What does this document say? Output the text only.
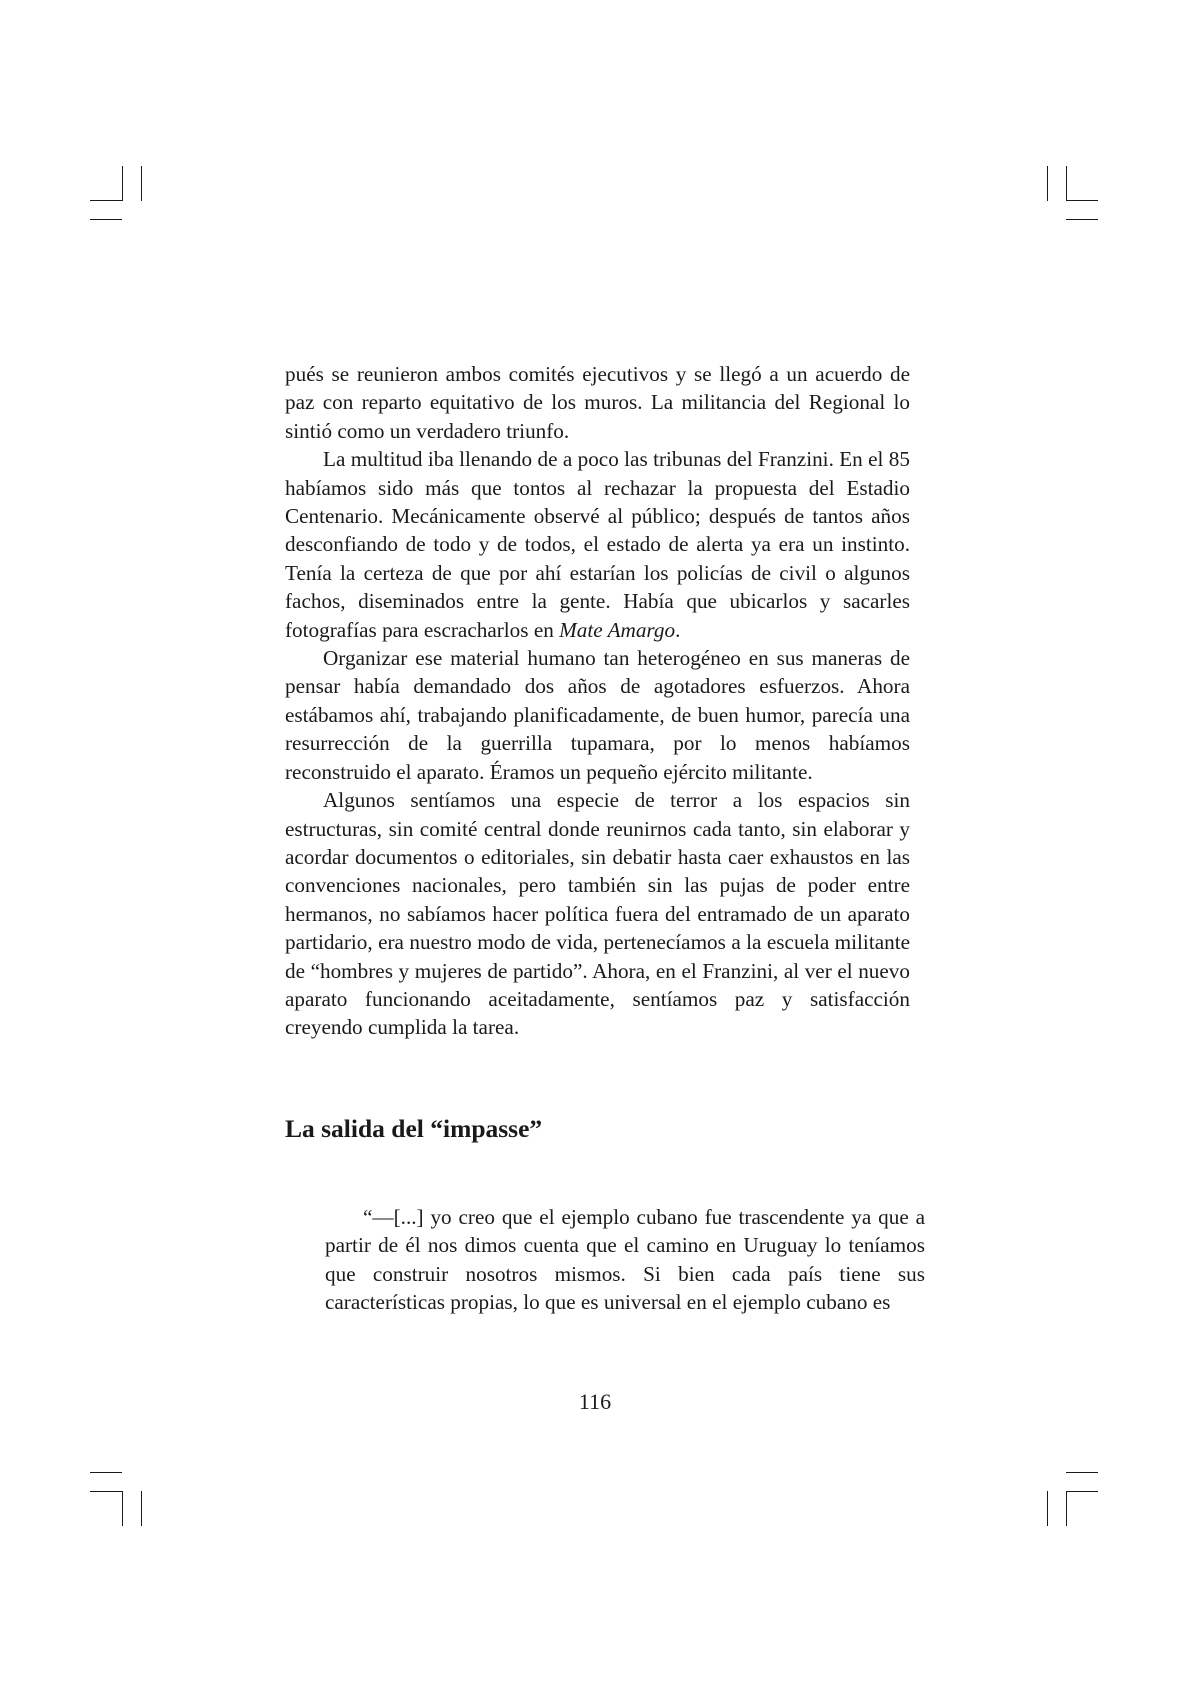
pués se reunieron ambos comités ejecutivos y se llegó a un acuerdo de paz con reparto equitativo de los muros. La militancia del Regional lo sintió como un verdadero triunfo.

La multitud iba llenando de a poco las tribunas del Franzini. En el 85 habíamos sido más que tontos al rechazar la propuesta del Estadio Centenario. Mecánicamente observé al público; después de tantos años desconfiando de todo y de todos, el estado de alerta ya era un instinto. Tenía la certeza de que por ahí estarían los policías de civil o algunos fachos, diseminados entre la gente. Había que ubicarlos y sacarles fotografías para escracharlos en Mate Amargo.

Organizar ese material humano tan heterogéneo en sus maneras de pensar había demandado dos años de agotadores esfuerzos. Ahora estábamos ahí, trabajando planificadamente, de buen humor, parecía una resurrección de la guerrilla tupamara, por lo menos habíamos reconstruido el aparato. Éramos un pequeño ejército militante.

Algunos sentíamos una especie de terror a los espacios sin estructuras, sin comité central donde reunirnos cada tanto, sin elaborar y acordar documentos o editoriales, sin debatir hasta caer exhaustos en las convenciones nacionales, pero también sin las pujas de poder entre hermanos, no sabíamos hacer política fuera del entramado de un aparato partidario, era nuestro modo de vida, pertenecíamos a la escuela militante de “hombres y mujeres de partido”. Ahora, en el Franzini, al ver el nuevo aparato funcionando aceitadamente, sentíamos paz y satisfacción creyendo cumplida la tarea.

La salida del “impasse”

“—[...] yo creo que el ejemplo cubano fue trascendente ya que a partir de él nos dimos cuenta que el camino en Uruguay lo teníamos que construir nosotros mismos. Si bien cada país tiene sus características propias, lo que es universal en el ejemplo cubano es

116
